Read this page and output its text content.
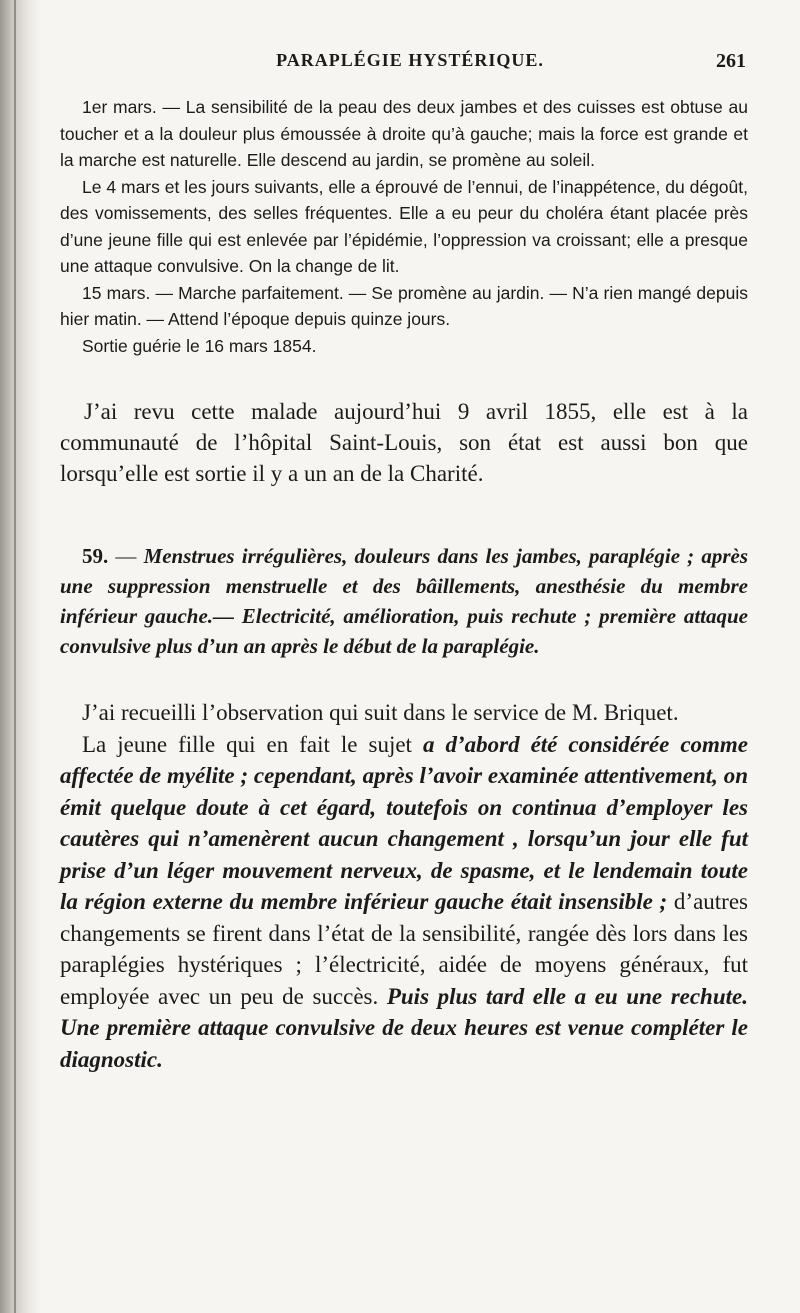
PARAPLÉGIE HYSTÉRIQUE.	261

1er mars. — La sensibilité de la peau des deux jambes et des cuisses est obtuse au toucher et a la douleur plus émoussée à droite qu’à gauche; mais la force est grande et la marche est naturelle. Elle descend au jardin, se promène au soleil.

Le 4 mars et les jours suivants, elle a éprouvé de l’ennui, de l’inappétence, du dégoût, des vomissements, des selles fréquentes. Elle a eu peur du choléra étant placée près d’une jeune fille qui est enlevée par l’épidémie, l’oppression va croissant; elle a presque une attaque convulsive. On la change de lit.

15 mars. — Marche parfaitement. — Se promène au jardin. — N’a rien mangé depuis hier matin. — Attend l’époque depuis quinze jours.

Sortie guérie le 16 mars 1854.

J’ai revu cette malade aujourd’hui 9 avril 1855, elle est à la communauté de l’hôpital Saint-Louis, son état est aussi bon que lorsqu’elle est sortie il y a un an de la Charité.

59. — Menstrues irrégulières, douleurs dans les jambes, paraplégie ; après une suppression menstruelle et des bâillements, anesthésie du membre inférieur gauche.— Electricité, amélioration, puis rechute ; première attaque convulsive plus d’un an après le début de la paraplégie.

J’ai recueilli l’observation qui suit dans le service de M. Briquet.

La jeune fille qui en fait le sujet a d’abord été considérée comme affectée de myélite ; cependant, après l’avoir examinée attentivement, on émit quelque doute à cet égard, toutefois on continua d’employer les cautères qui n’amenèrent aucun changement , lorsqu’un jour elle fut prise d’un léger mouvement nerveux, de spasme, et le lendemain toute la région externe du membre inférieur gauche était insensible ; d’autres changements se firent dans l’état de la sensibilité, rangée dès lors dans les paraplégies hystériques ; l’électricité, aidée de moyens généraux, fut employée avec un peu de succès. Puis plus tard elle a eu une rechute. Une première attaque convulsive de deux heures est venue compléter le diagnostic.
